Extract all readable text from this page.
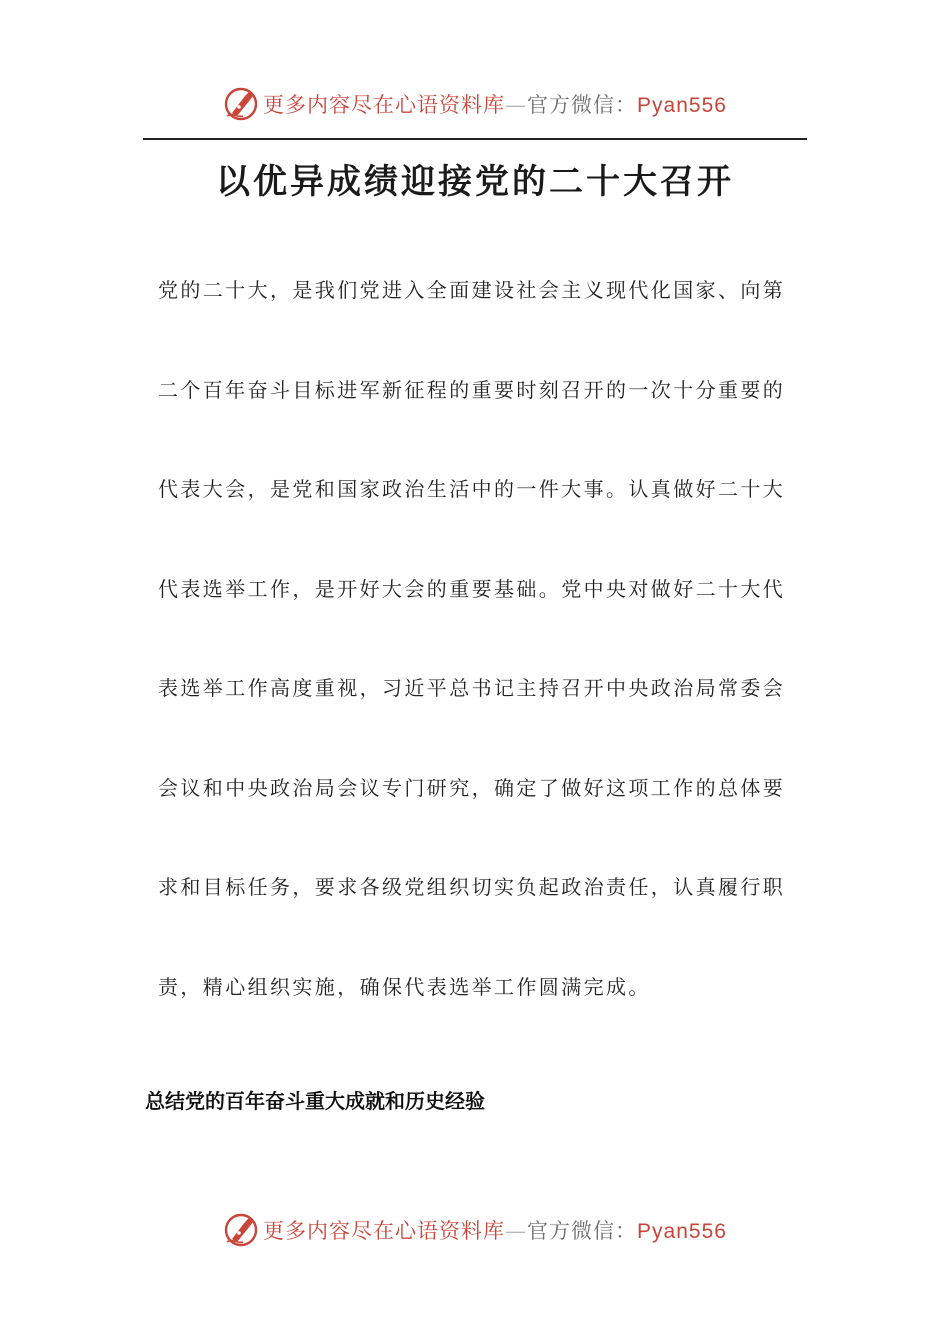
更多内容尽在心语资料库—官方微信：Pyan556
以优异成绩迎接党的二十大召开
党的二十大，是我们党进入全面建设社会主义现代化国家、向第
二个百年奋斗目标进军新征程的重要时刻召开的一次十分重要的
代表大会，是党和国家政治生活中的一件大事。认真做好二十大
代表选举工作，是开好大会的重要基础。党中央对做好二十大代
表选举工作高度重视，习近平总书记主持召开中央政治局常委会
会议和中央政治局会议专门研究，确定了做好这项工作的总体要
求和目标任务，要求各级党组织切实负起政治责任，认真履行职
责，精心组织实施，确保代表选举工作圆满完成。
总结党的百年奋斗重大成就和历史经验
更多内容尽在心语资料库—官方微信：Pyan556
